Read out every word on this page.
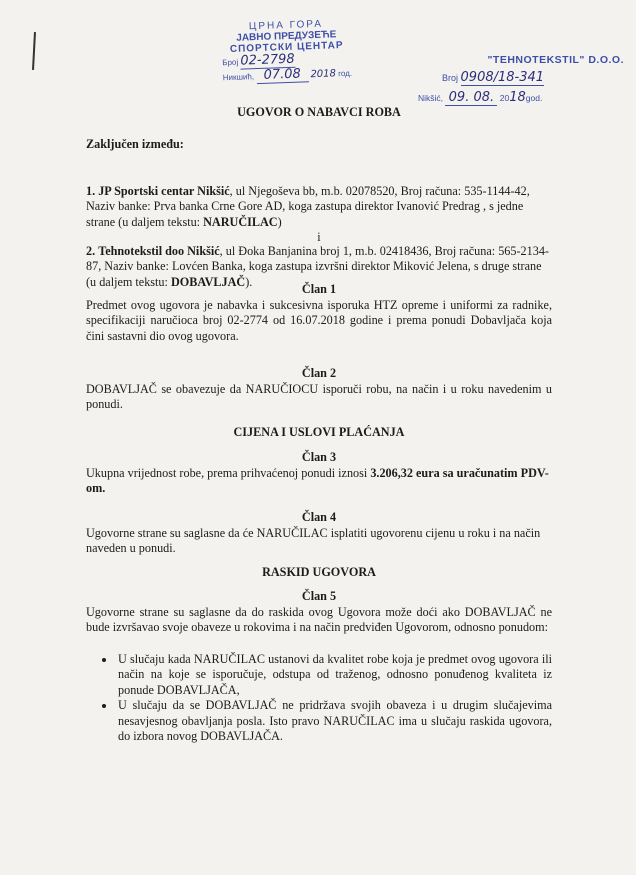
ЦРНА ГОРА
ЈАВНО ПРЕДУЗЕЋЕ
СПОРТСКИ ЦЕНТАР
Број 02-2798
Никшић, 07.08 2018 год.
"TEHNOTEKSTIL" D.O.O.
Broj 0908/18-341
Nikšić, 09. 08. 2018god.
UGOVOR O NABAVCI ROBA
Zaključen između:
1. JP Sportski centar Nikšić, ul Njegoševa bb, m.b. 02078520, Broj računa: 535-1144-42, Naziv banke: Prva banka Crne Gore AD, koga zastupa direktor Ivanović Predrag , s jedne strane (u daljem tekstu: NARUČILAC)
i
2. Tehnotekstil doo Nikšić, ul Đoka Banjanina broj 1, m.b. 02418436, Broj računa: 565-2134-87, Naziv banke: Lovćen Banka, koga zastupa izvršni direktor Miković Jelena, s druge strane (u daljem tekstu: DOBAVLJAČ).
Član 1
Predmet ovog ugovora je nabavka i sukcesivna isporuka HTZ opreme i uniformi za radnike, specifikaciji naručioca broj 02-2774 od 16.07.2018 godine i prema ponudi Dobavljača koja čini sastavni dio ovog ugovora.
Član 2
DOBAVLJAČ se obavezuje da NARUČIOCU isporuči robu, na način i u roku navedenim u ponudi.
CIJENA I USLOVI PLAĆANJA
Član 3
Ukupna vrijednost robe, prema prihvaćenoj ponudi iznosi 3.206,32 eura sa uračunatim PDV-om.
Član 4
Ugovorne strane su saglasne da će NARUČILAC isplatiti ugovorenu cijenu u roku i na način naveden u ponudi.
RASKID UGOVORA
Član 5
Ugovorne strane su saglasne da do raskida ovog Ugovora može doći ako DOBAVLJAČ ne bude izvršavao svoje obaveze u rokovima i na način predviđen Ugovorom, odnosno ponudom:
• U slučaju kada NARUČILAC ustanovi da kvalitet robe koja je predmet ovog ugovora ili način na koje se isporučuje, odstupa od traženog, odnosno ponuđenog kvaliteta iz ponude DOBAVLJAČA,
• U slučaju da se DOBAVLJAČ ne pridržava svojih obaveza i u drugim slučajevima nesavjesnog obavljanja posla. Isto pravo NARUČILAC ima u slučaju raskida ugovora, do izbora novog DOBAVLJAČA.
